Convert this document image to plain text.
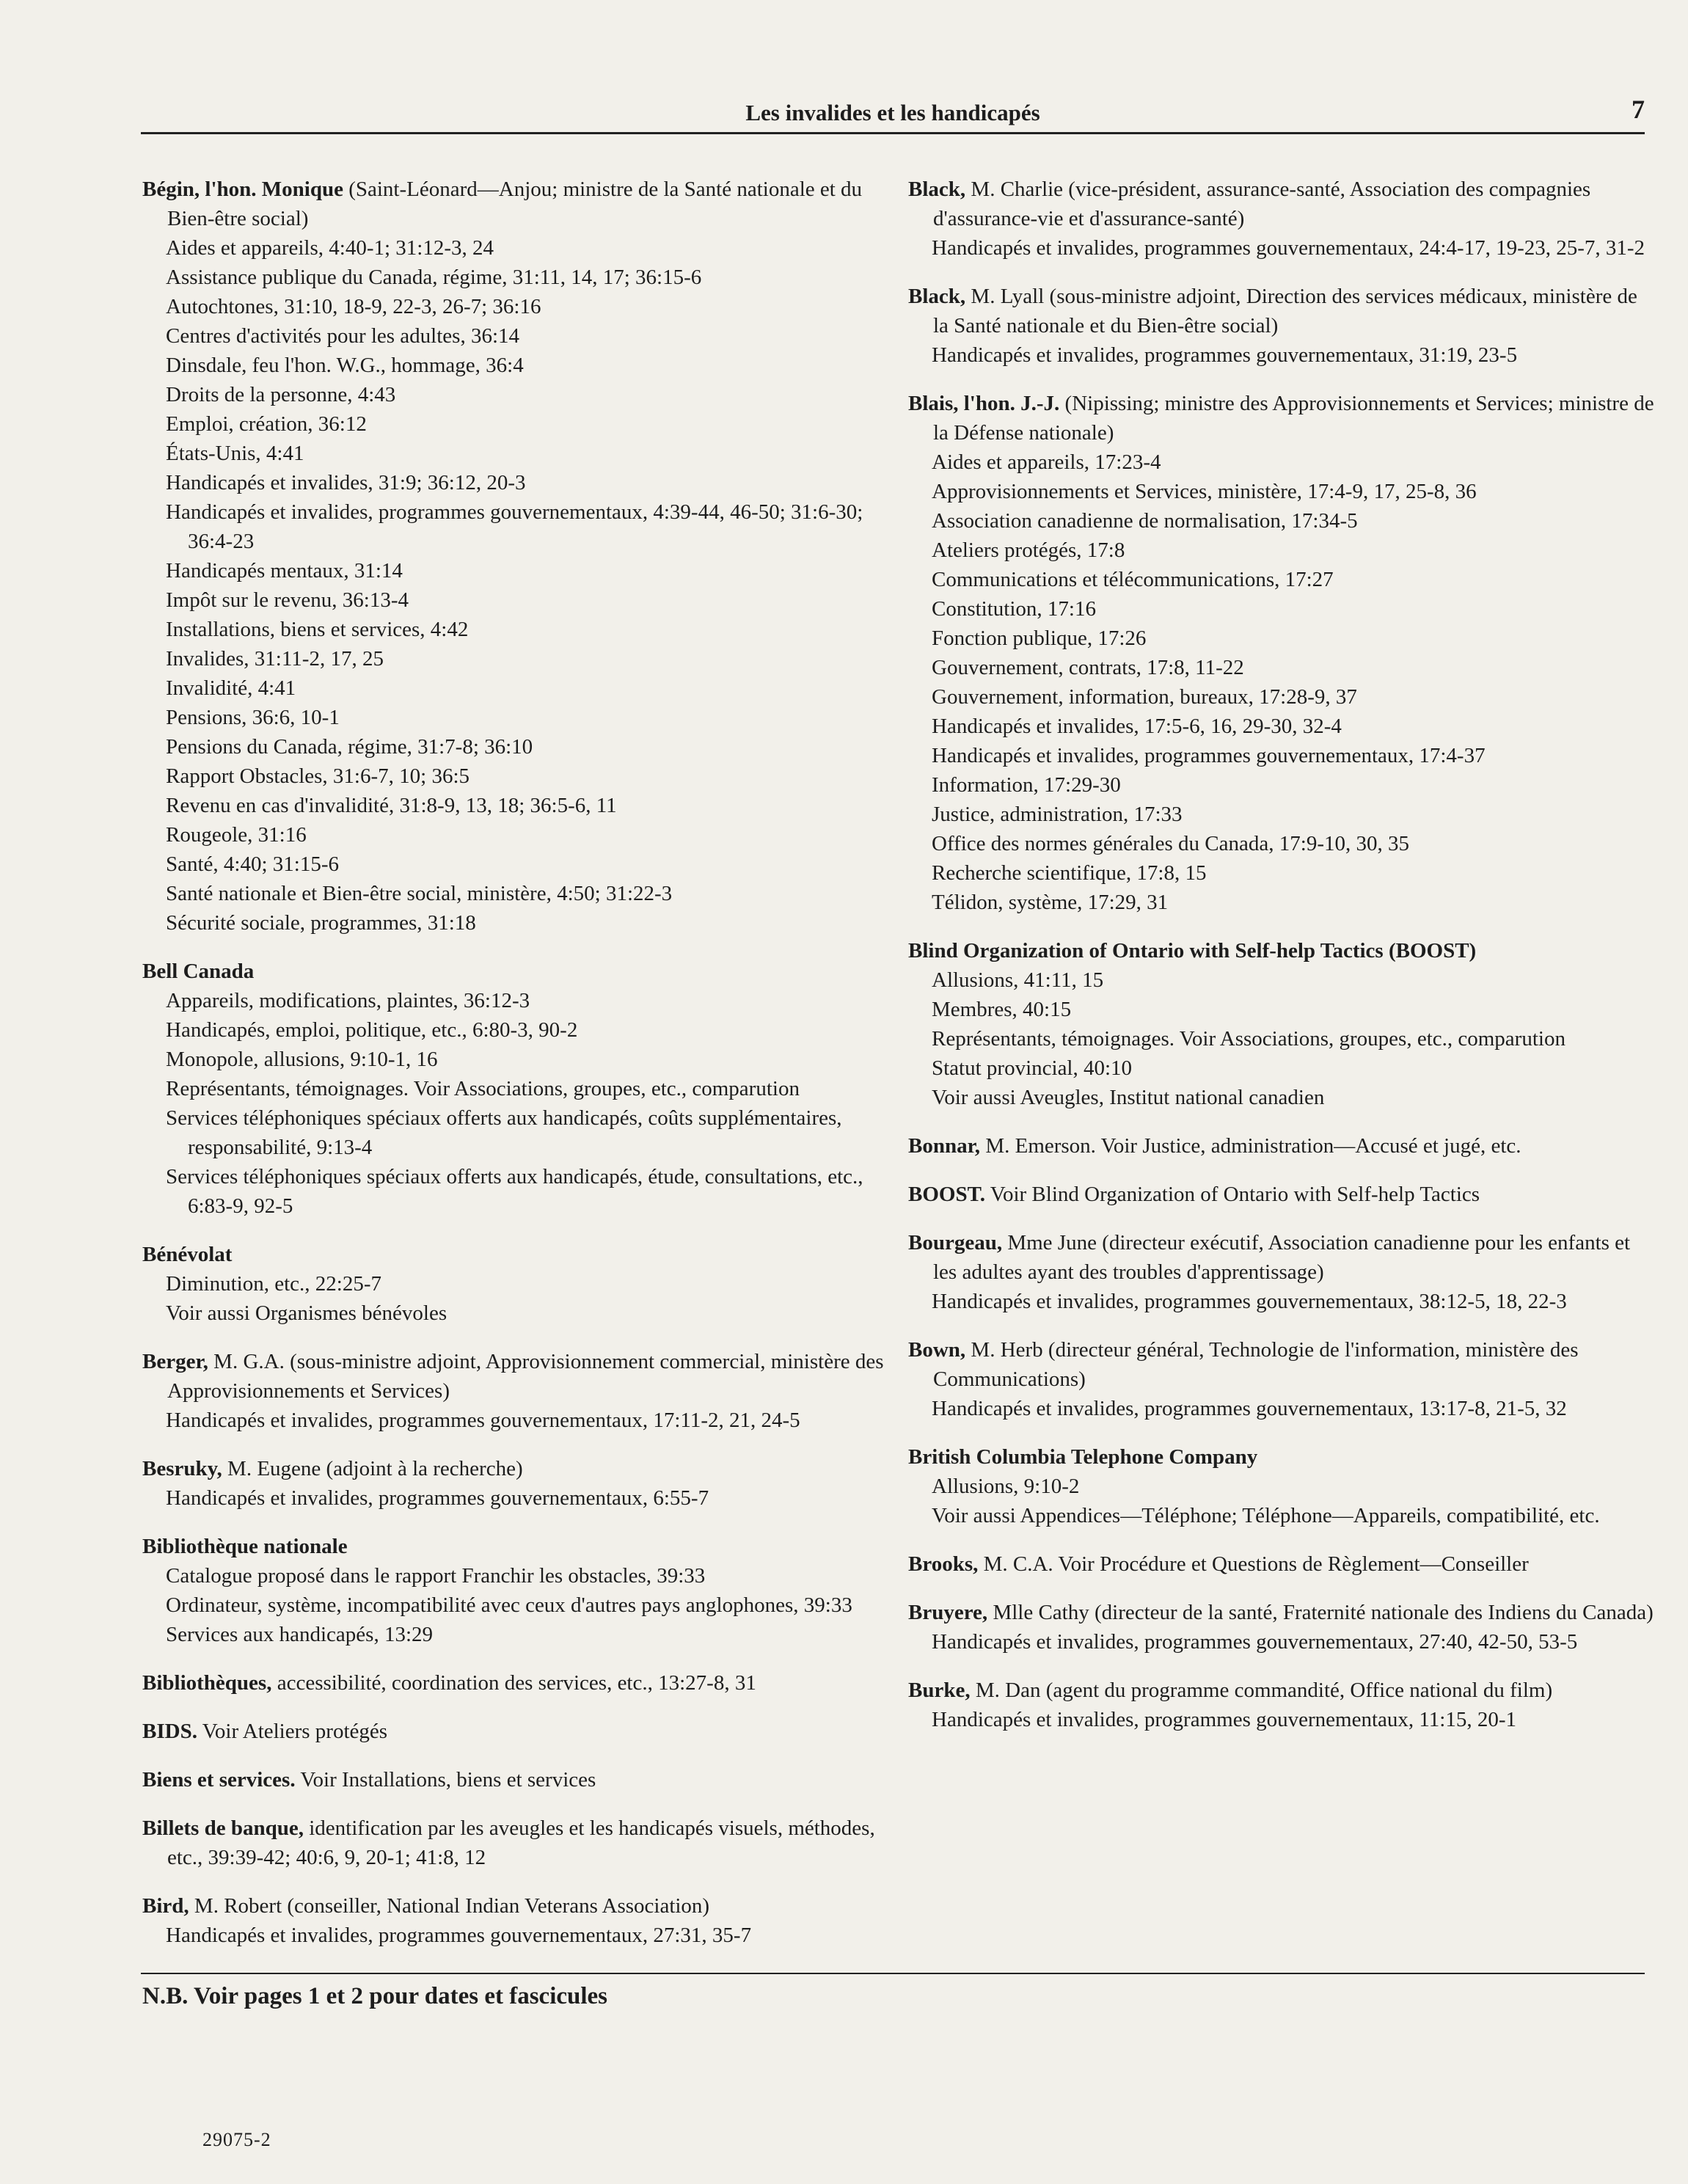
Les invalides et les handicapés	7
Bégin, l'hon. Monique (Saint-Léonard—Anjou; ministre de la Santé nationale et du Bien-être social)
Aides et appareils, 4:40-1; 31:12-3, 24
Assistance publique du Canada, régime, 31:11, 14, 17; 36:15-6
Autochtones, 31:10, 18-9, 22-3, 26-7; 36:16
Centres d'activités pour les adultes, 36:14
Dinsdale, feu l'hon. W.G., hommage, 36:4
Droits de la personne, 4:43
Emploi, création, 36:12
États-Unis, 4:41
Handicapés et invalides, 31:9; 36:12, 20-3
Handicapés et invalides, programmes gouvernementaux, 4:39-44, 46-50; 31:6-30; 36:4-23
Handicapés mentaux, 31:14
Impôt sur le revenu, 36:13-4
Installations, biens et services, 4:42
Invalides, 31:11-2, 17, 25
Invalidité, 4:41
Pensions, 36:6, 10-1
Pensions du Canada, régime, 31:7-8; 36:10
Rapport Obstacles, 31:6-7, 10; 36:5
Revenu en cas d'invalidité, 31:8-9, 13, 18; 36:5-6, 11
Rougeole, 31:16
Santé, 4:40; 31:15-6
Santé nationale et Bien-être social, ministère, 4:50; 31:22-3
Sécurité sociale, programmes, 31:18
Bell Canada
Appareils, modifications, plaintes, 36:12-3
Handicapés, emploi, politique, etc., 6:80-3, 90-2
Monopole, allusions, 9:10-1, 16
Représentants, témoignages. Voir Associations, groupes, etc., comparution
Services téléphoniques spéciaux offerts aux handicapés, coûts supplémentaires, responsabilité, 9:13-4
Services téléphoniques spéciaux offerts aux handicapés, étude, consultations, etc., 6:83-9, 92-5
Bénévolat
Diminution, etc., 22:25-7
Voir aussi Organismes bénévoles
Berger, M. G.A. (sous-ministre adjoint, Approvisionnement commercial, ministère des Approvisionnements et Services)
Handicapés et invalides, programmes gouvernementaux, 17:11-2, 21, 24-5
Besruky, M. Eugene (adjoint à la recherche)
Handicapés et invalides, programmes gouvernementaux, 6:55-7
Bibliothèque nationale
Catalogue proposé dans le rapport Franchir les obstacles, 39:33
Ordinateur, système, incompatibilité avec ceux d'autres pays anglophones, 39:33
Services aux handicapés, 13:29
Bibliothèques, accessibilité, coordination des services, etc., 13:27-8, 31
BIDS. Voir Ateliers protégés
Biens et services. Voir Installations, biens et services
Billets de banque, identification par les aveugles et les handicapés visuels, méthodes, etc., 39:39-42; 40:6, 9, 20-1; 41:8, 12
Bird, M. Robert (conseiller, National Indian Veterans Association)
Handicapés et invalides, programmes gouvernementaux, 27:31, 35-7
Black, M. Charlie (vice-président, assurance-santé, Association des compagnies d'assurance-vie et d'assurance-santé)
Handicapés et invalides, programmes gouvernementaux, 24:4-17, 19-23, 25-7, 31-2
Black, M. Lyall (sous-ministre adjoint, Direction des services médicaux, ministère de la Santé nationale et du Bien-être social)
Handicapés et invalides, programmes gouvernementaux, 31:19, 23-5
Blais, l'hon. J.-J. (Nipissing; ministre des Approvisionnements et Services; ministre de la Défense nationale)
Aides et appareils, 17:23-4
Approvisionnements et Services, ministère, 17:4-9, 17, 25-8, 36
Association canadienne de normalisation, 17:34-5
Ateliers protégés, 17:8
Communications et télécommunications, 17:27
Constitution, 17:16
Fonction publique, 17:26
Gouvernement, contrats, 17:8, 11-22
Gouvernement, information, bureaux, 17:28-9, 37
Handicapés et invalides, 17:5-6, 16, 29-30, 32-4
Handicapés et invalides, programmes gouvernementaux, 17:4-37
Information, 17:29-30
Justice, administration, 17:33
Office des normes générales du Canada, 17:9-10, 30, 35
Recherche scientifique, 17:8, 15
Télidon, système, 17:29, 31
Blind Organization of Ontario with Self-help Tactics (BOOST)
Allusions, 41:11, 15
Membres, 40:15
Représentants, témoignages. Voir Associations, groupes, etc., comparution
Statut provincial, 40:10
Voir aussi Aveugles, Institut national canadien
Bonnar, M. Emerson. Voir Justice, administration—Accusé et jugé, etc.
BOOST. Voir Blind Organization of Ontario with Self-help Tactics
Bourgeau, Mme June (directeur exécutif, Association canadienne pour les enfants et les adultes ayant des troubles d'apprentissage)
Handicapés et invalides, programmes gouvernementaux, 38:12-5, 18, 22-3
Bown, M. Herb (directeur général, Technologie de l'information, ministère des Communications)
Handicapés et invalides, programmes gouvernementaux, 13:17-8, 21-5, 32
British Columbia Telephone Company
Allusions, 9:10-2
Voir aussi Appendices—Téléphone; Téléphone—Appareils, compatibilité, etc.
Brooks, M. C.A. Voir Procédure et Questions de Règlement—Conseiller
Bruyere, Mlle Cathy (directeur de la santé, Fraternité nationale des Indiens du Canada)
Handicapés et invalides, programmes gouvernementaux, 27:40, 42-50, 53-5
Burke, M. Dan (agent du programme commandité, Office national du film)
Handicapés et invalides, programmes gouvernementaux, 11:15, 20-1
N.B. Voir pages 1 et 2 pour dates et fascicules
29075-2
